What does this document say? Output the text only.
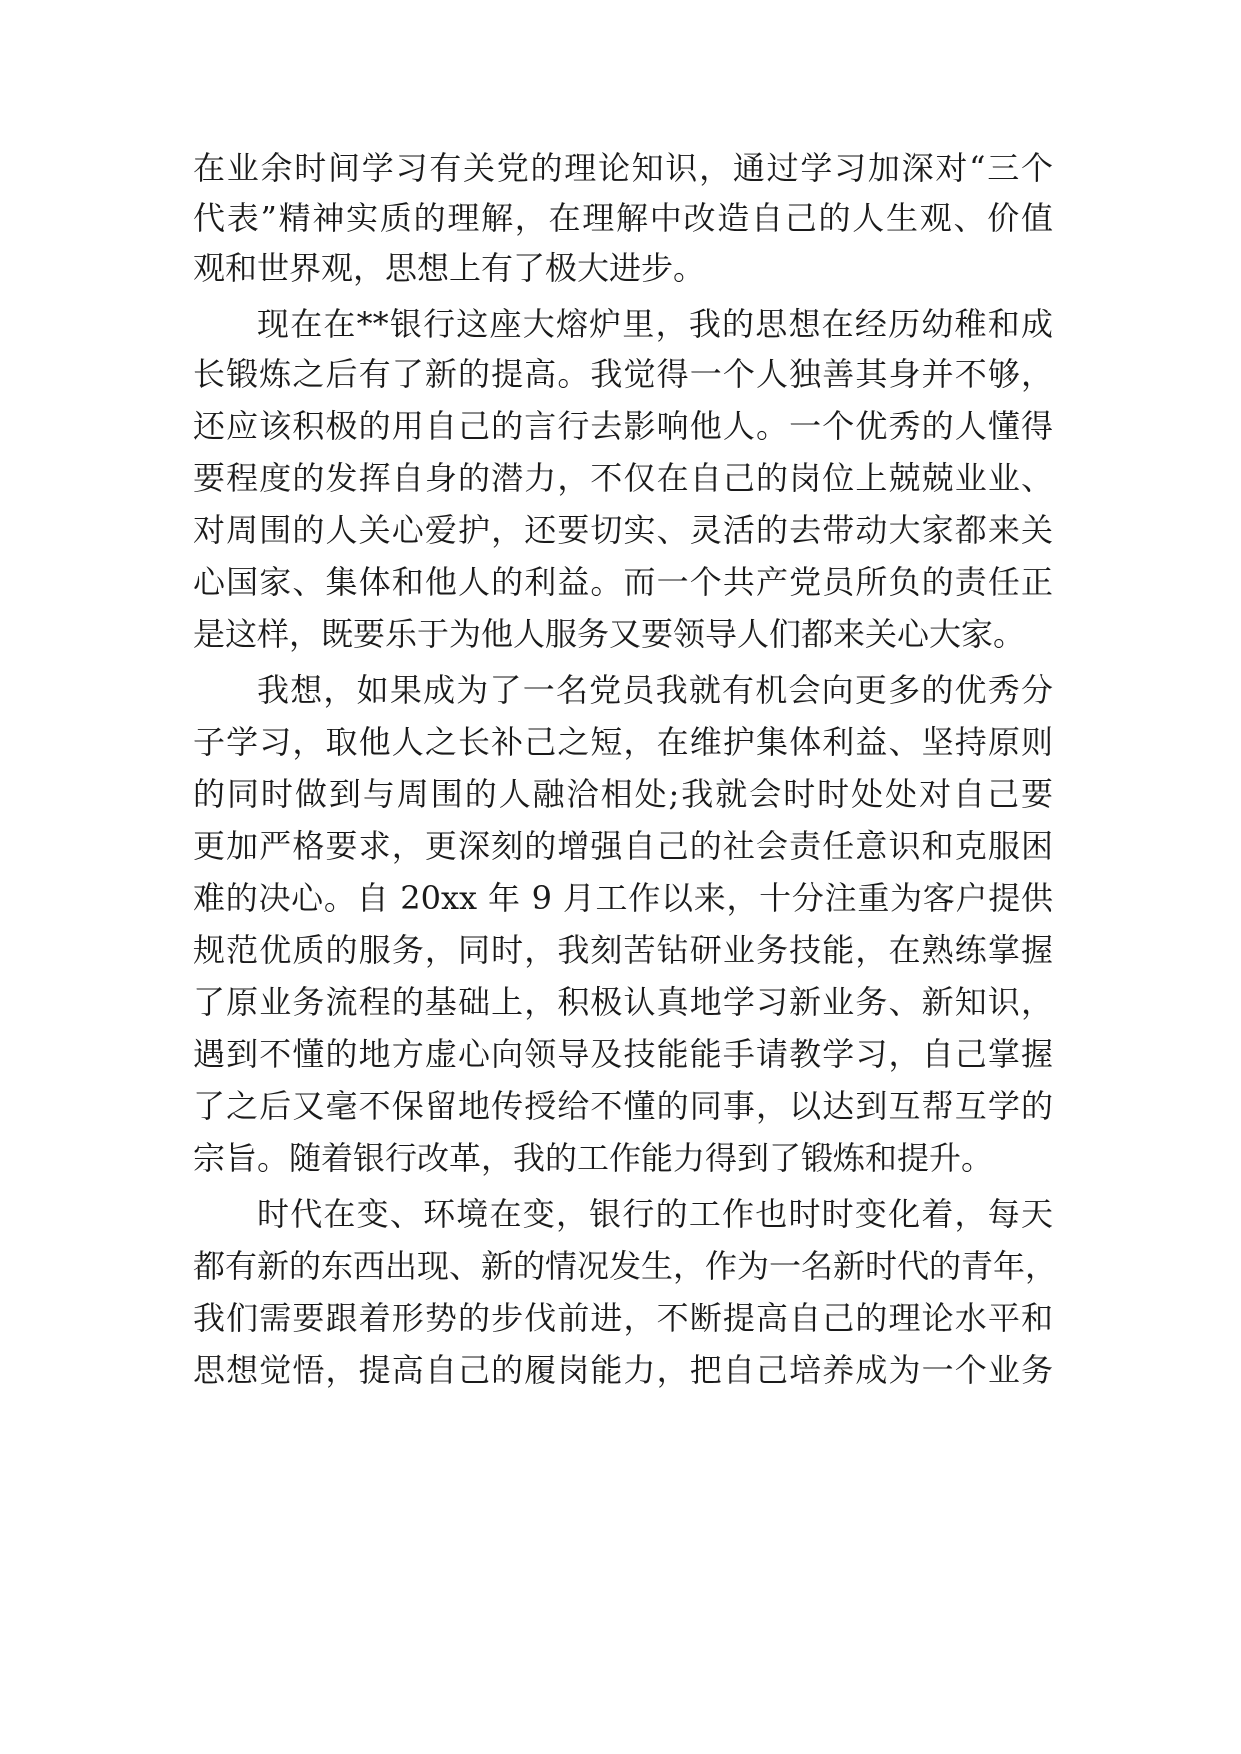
在业余时间学习有关党的理论知识，通过学习加深对“三个

代表”精神实质的理解，在理解中改造自己的人生观、价值

观和世界观，思想上有了极大进步。

现在在**银行这座大熔炉里，我的思想在经历幼稚和成

长锻炼之后有了新的提高。我觉得一个人独善其身并不够，

还应该积极的用自己的言行去影响他人。一个优秀的人懂得

要程度的发挥自身的潜力，不仅在自己的岗位上兢兢业业、

对周围的人关心爱护，还要切实、灵活的去带动大家都来关

心国家、集体和他人的利益。而一个共产党员所负的责任正

是这样，既要乐于为他人服务又要领导人们都来关心大家。

我想，如果成为了一名党员我就有机会向更多的优秀分

子学习，取他人之长补己之短，在维护集体利益、坚持原则

的同时做到与周围的人融洽相处;我就会时时处处对自己要

更加严格要求，更深刻的增强自己的社会责任意识和克服困

难的决心。自 20xx 年 9 月工作以来，十分注重为客户提供

规范优质的服务，同时，我刻苦钻研业务技能，在熟练掌握

了原业务流程的基础上，积极认真地学习新业务、新知识，

遇到不懂的地方虚心向领导及技能能手请教学习，自己掌握

了之后又毫不保留地传授给不懂的同事，以达到互帮互学的

宗旨。随着银行改革，我的工作能力得到了锻炼和提升。

时代在变、环境在变，银行的工作也时时变化着，每天

都有新的东西出现、新的情况发生，作为一名新时代的青年，

我们需要跟着形势的步伐前进，不断提高自己的理论水平和

思想觉悟，提高自己的履岗能力，把自己培养成为一个业务
